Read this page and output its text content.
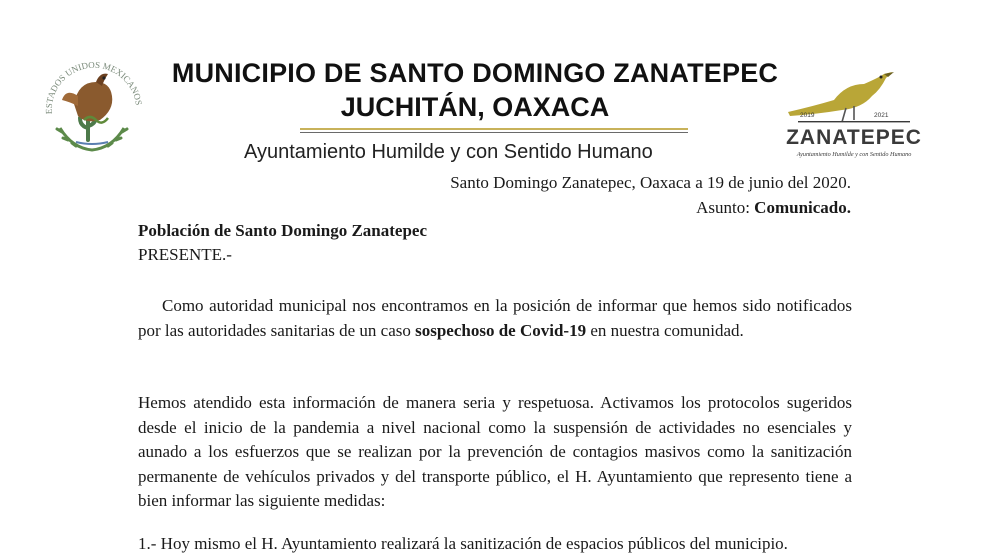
ESTADOS UNIDOS MEXICANOS
MUNICIPIO DE SANTO DOMINGO ZANATEPEC
JUCHITÁN, OAXACA
Ayuntamiento Humilde y con Sentido Humano
2019	2021
ZANATEPEC
Ayuntamiento Humilde y con Sentido Humano
Santo Domingo Zanatepec, Oaxaca a 19 de junio del 2020.
Asunto: Comunicado.
Población de Santo Domingo Zanatepec
PRESENTE.-
Como autoridad municipal nos encontramos en la posición de informar que hemos sido notificados por las autoridades sanitarias de un caso sospechoso de Covid-19 en nuestra comunidad.
Hemos atendido esta información de manera seria y respetuosa. Activamos los protocolos sugeridos desde el inicio de la pandemia a nivel nacional como la suspensión de actividades no esenciales y aunado a los esfuerzos que se realizan por la prevención de contagios masivos como la sanitización permanente de vehículos privados y del transporte público, el H. Ayuntamiento que represento tiene a bien informar las siguiente medidas:
1.- Hoy mismo el H. Ayuntamiento realizará la sanitización de espacios públicos del municipio.
